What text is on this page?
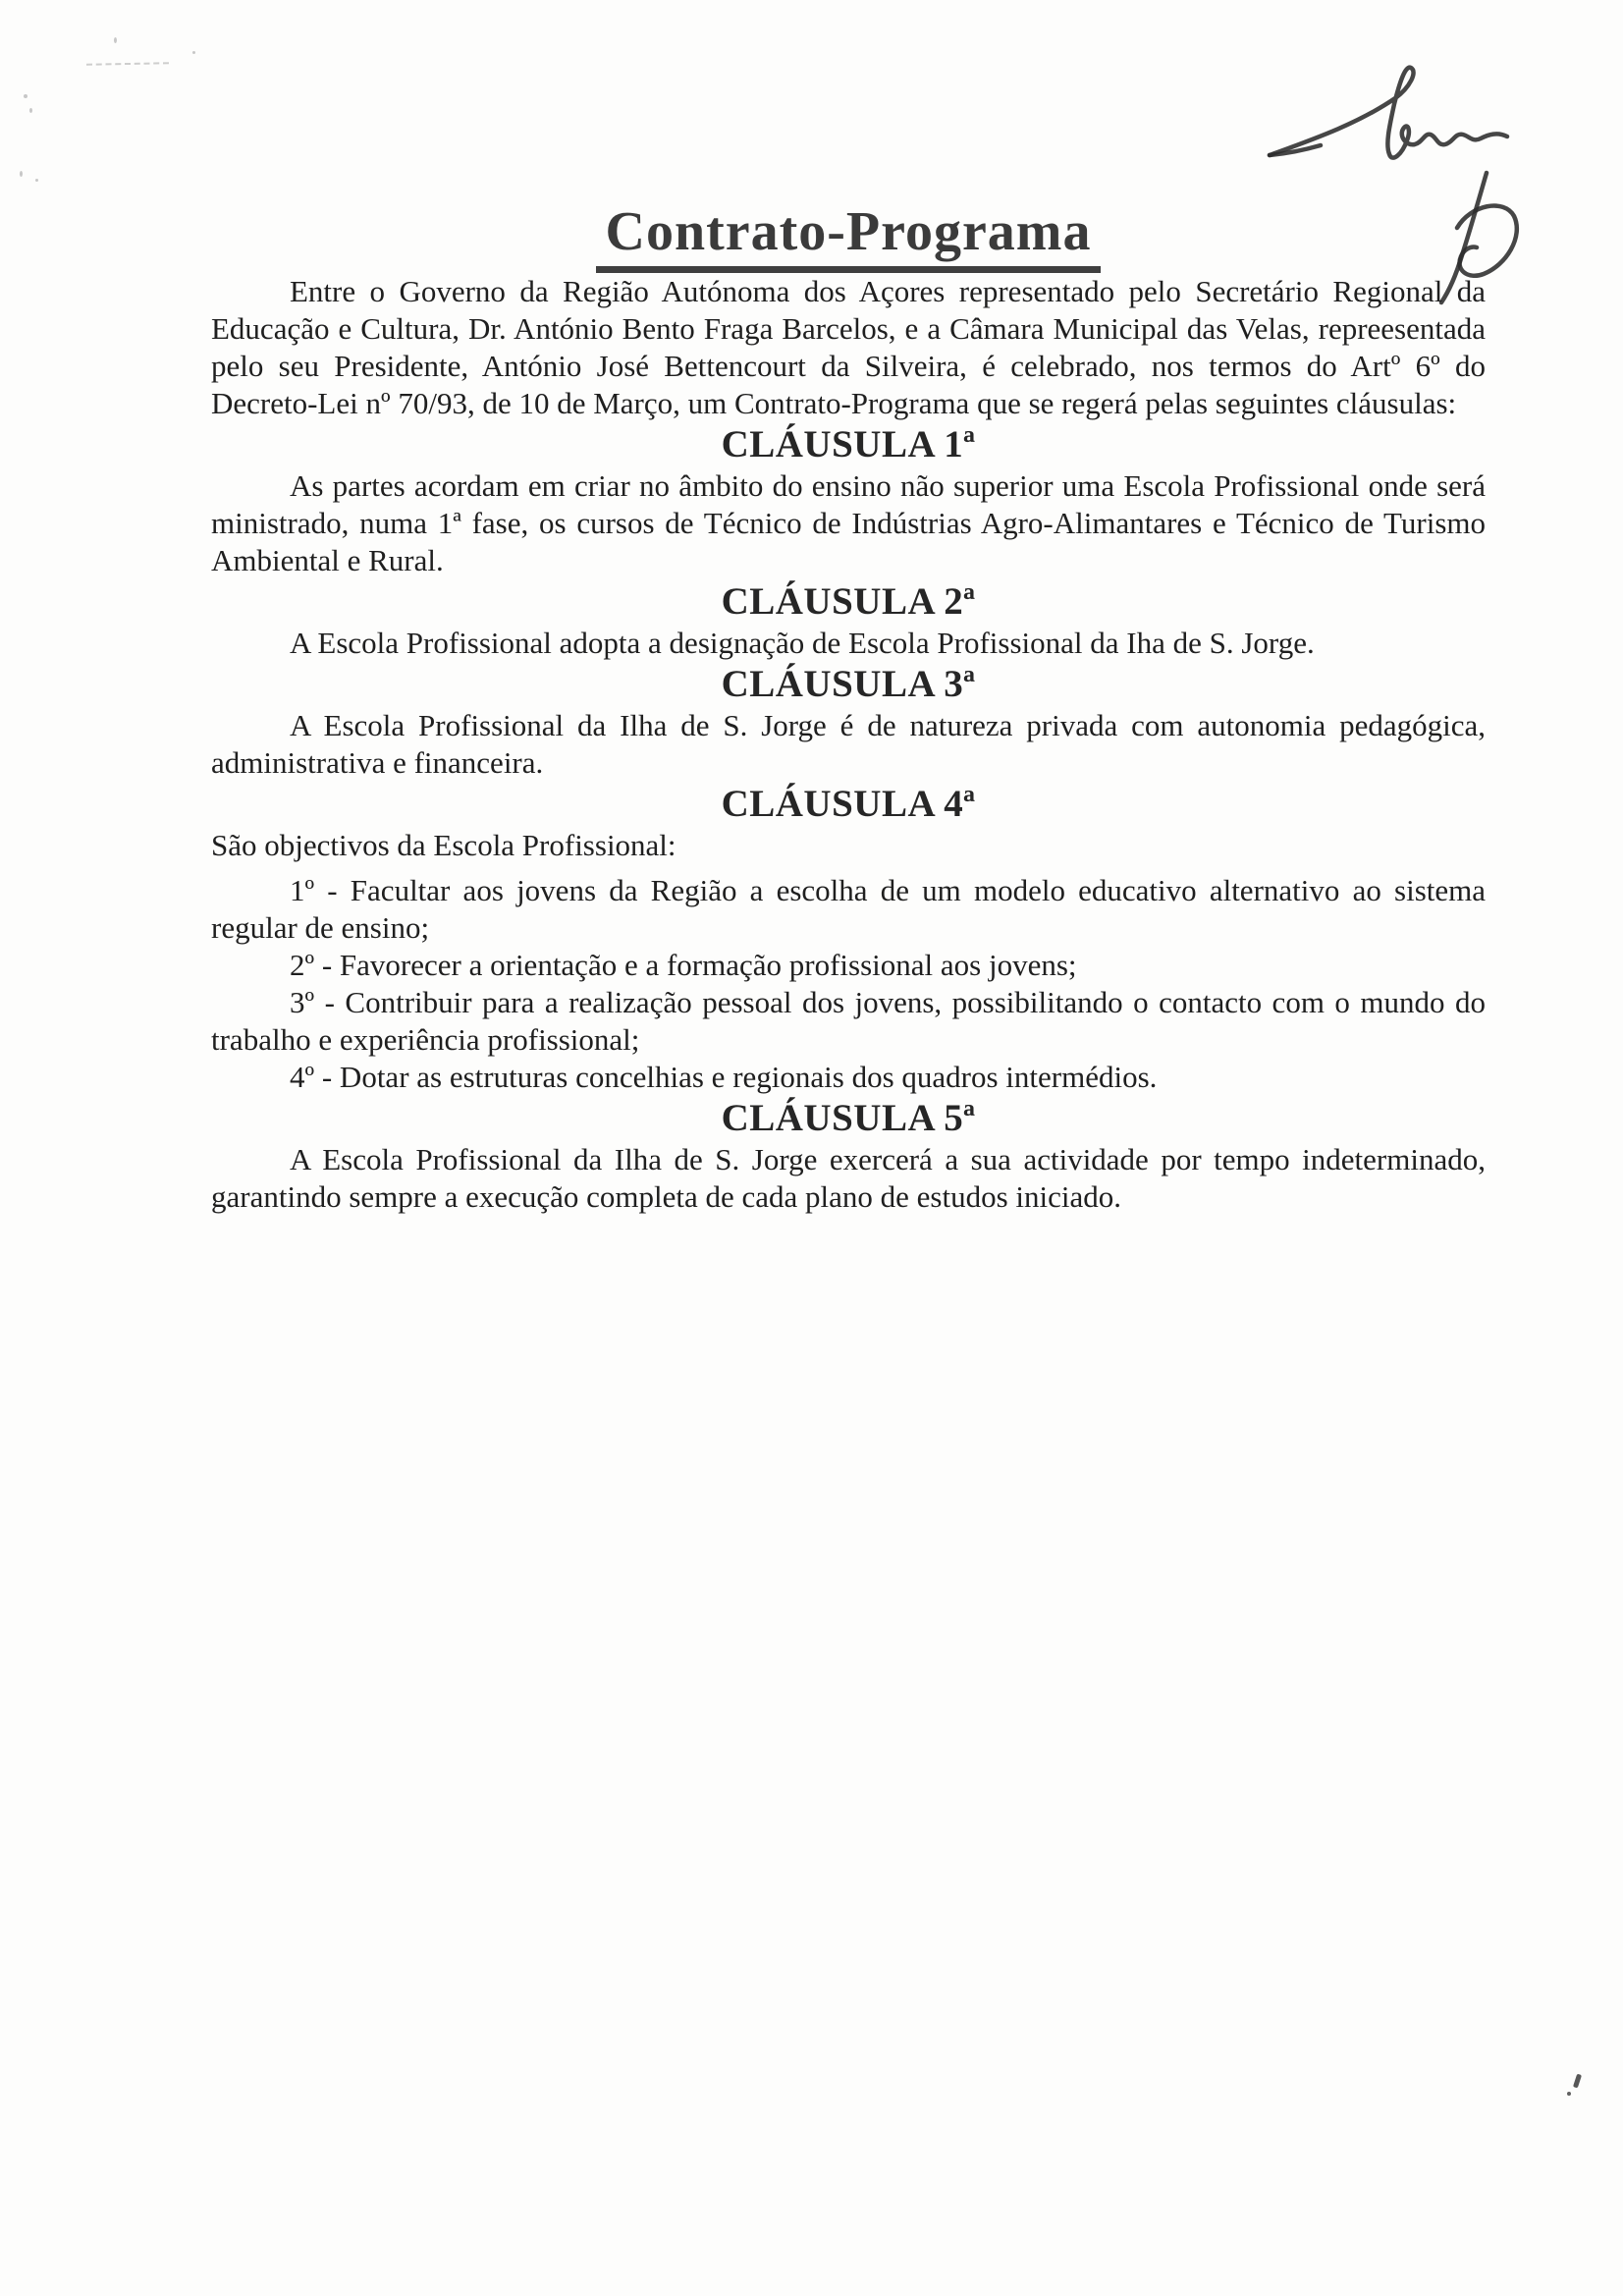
Contrato-Programa

Entre o Governo da Região Autónoma dos Açores representado pelo Secretário Regional da Educação e Cultura, Dr. António Bento Fraga Barcelos, e a Câmara Municipal das Velas, repreesentada pelo seu Presidente, António José Bettencourt da Silveira, é celebrado, nos termos do Artº 6º do Decreto-Lei nº 70/93, de 10 de Março, um Contrato-Programa que se regerá pelas seguintes cláusulas:

CLÁUSULA 1ª

As partes acordam em criar no âmbito do ensino não superior uma Escola Profissional onde será ministrado, numa 1ª fase, os cursos de Técnico de Indústrias Agro-Alimantares e Técnico de Turismo Ambiental e Rural.

CLÁUSULA 2ª

A Escola Profissional adopta a designação de Escola Profissional da Iha de S. Jorge.

CLÁUSULA 3ª

A Escola Profissional da Ilha de S. Jorge é de natureza privada com autonomia pedagógica, administrativa e financeira.

CLÁUSULA 4ª

São objectivos da Escola Profissional:

1º - Facultar aos jovens da Região a escolha de um modelo educativo alternativo ao sistema regular de ensino;

2º - Favorecer a orientação e a formação profissional aos jovens;

3º - Contribuir para a realização pessoal dos jovens, possibilitando o contacto com o mundo do trabalho e experiência profissional;

4º - Dotar as estruturas concelhias e regionais dos quadros intermédios.

CLÁUSULA 5ª

A Escola Profissional da Ilha de S. Jorge exercerá a sua actividade por tempo indeterminado, garantindo sempre a execução completa de cada plano de estudos iniciado.
